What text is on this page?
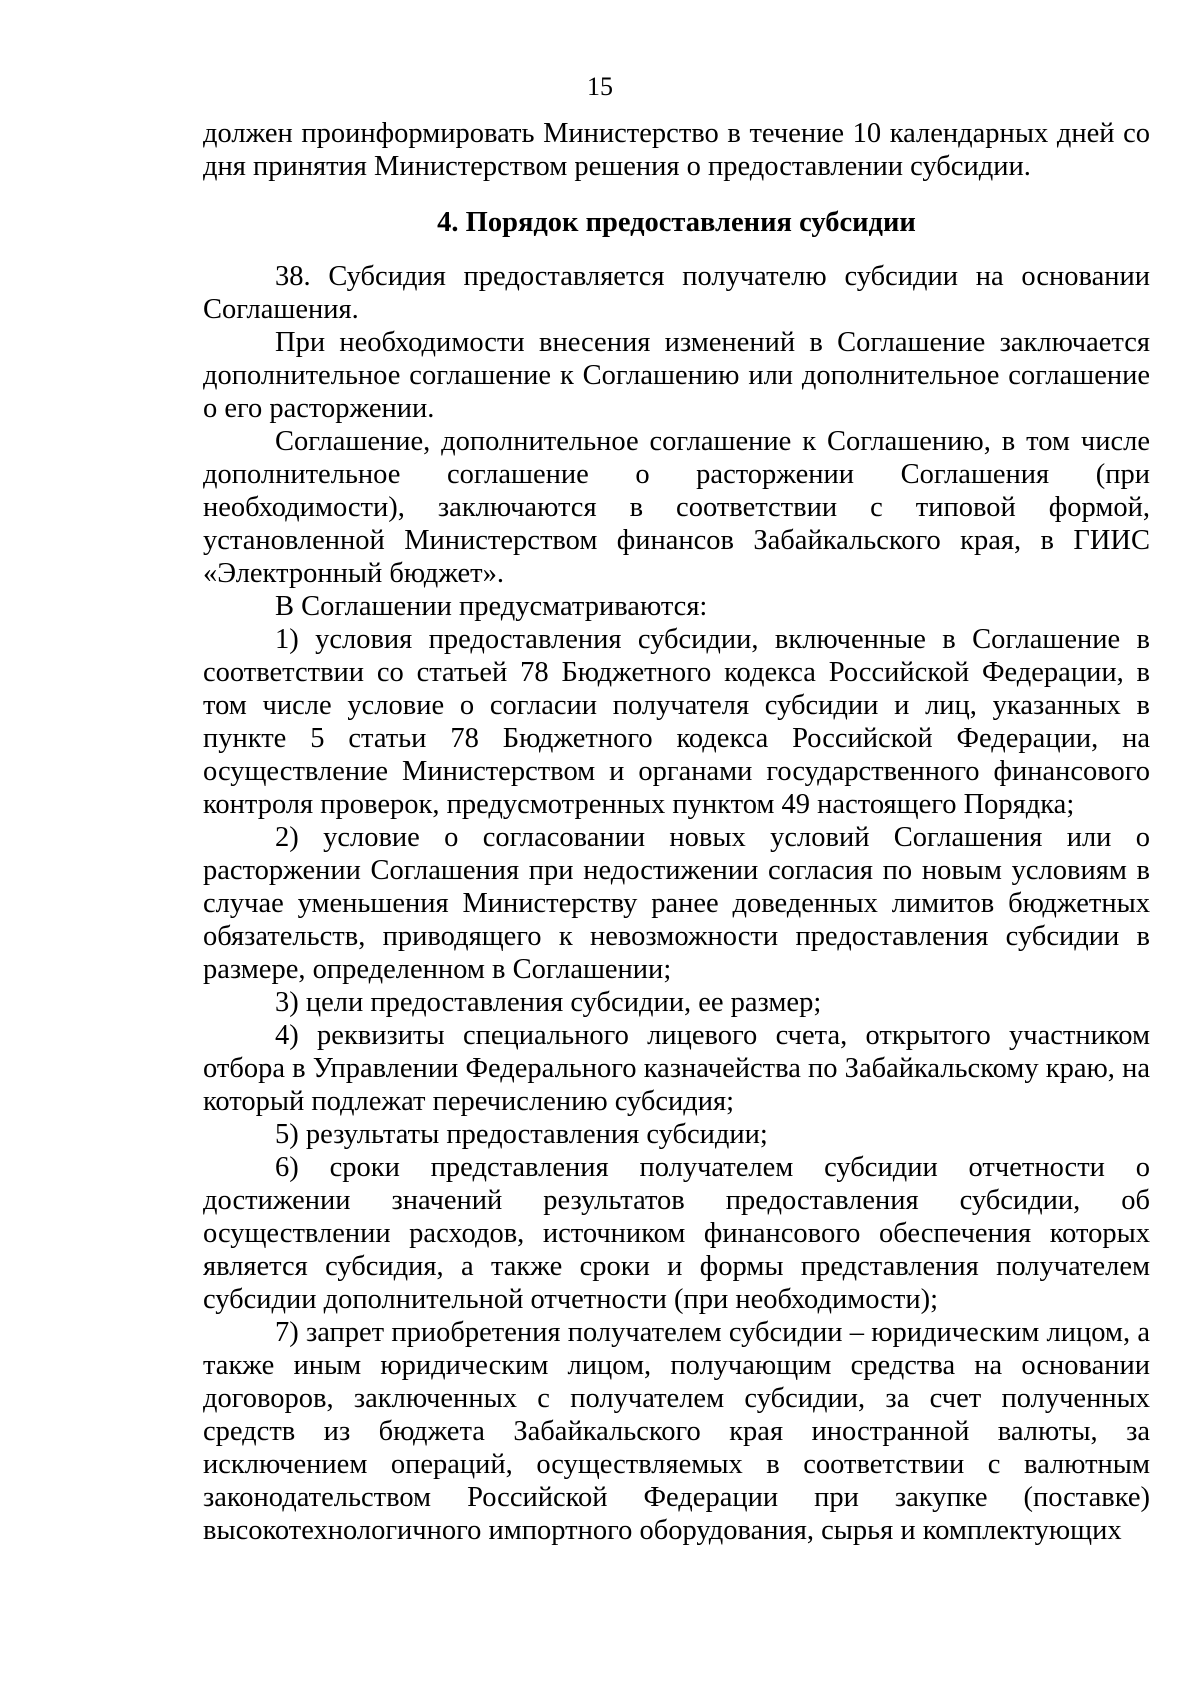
15

должен проинформировать Министерство в течение 10 календарных дней со дня принятия Министерством решения о предоставлении субсидии.

4. Порядок предоставления субсидии

38. Субсидия предоставляется получателю субсидии на основании Соглашения.

При необходимости внесения изменений в Соглашение заключается дополнительное соглашение к Соглашению или дополнительное соглашение о его расторжении.

Соглашение, дополнительное соглашение к Соглашению, в том числе дополнительное соглашение о расторжении Соглашения (при необходимости), заключаются в соответствии с типовой формой, установленной Министерством финансов Забайкальского края, в ГИИС «Электронный бюджет».

В Соглашении предусматриваются:

1) условия предоставления субсидии, включенные в Соглашение в соответствии со статьей 78 Бюджетного кодекса Российской Федерации, в том числе условие о согласии получателя субсидии и лиц, указанных в пункте 5 статьи 78 Бюджетного кодекса Российской Федерации, на осуществление Министерством и органами государственного финансового контроля проверок, предусмотренных пунктом 49 настоящего Порядка;

2) условие о согласовании новых условий Соглашения или о расторжении Соглашения при недостижении согласия по новым условиям в случае уменьшения Министерству ранее доведенных лимитов бюджетных обязательств, приводящего к невозможности предоставления субсидии в размере, определенном в Соглашении;

3) цели предоставления субсидии, ее размер;

4) реквизиты специального лицевого счета, открытого участником отбора в Управлении Федерального казначейства по Забайкальскому краю, на который подлежат перечислению субсидия;

5) результаты предоставления субсидии;

6) сроки представления получателем субсидии отчетности о достижении значений результатов предоставления субсидии, об осуществлении расходов, источником финансового обеспечения которых является субсидия, а также сроки и формы представления получателем субсидии дополнительной отчетности (при необходимости);

7) запрет приобретения получателем субсидии – юридическим лицом, а также иным юридическим лицом, получающим средства на основании договоров, заключенных с получателем субсидии, за счет полученных средств из бюджета Забайкальского края иностранной валюты, за исключением операций, осуществляемых в соответствии с валютным законодательством Российской Федерации при закупке (поставке) высокотехнологичного импортного оборудования, сырья и комплектующих
